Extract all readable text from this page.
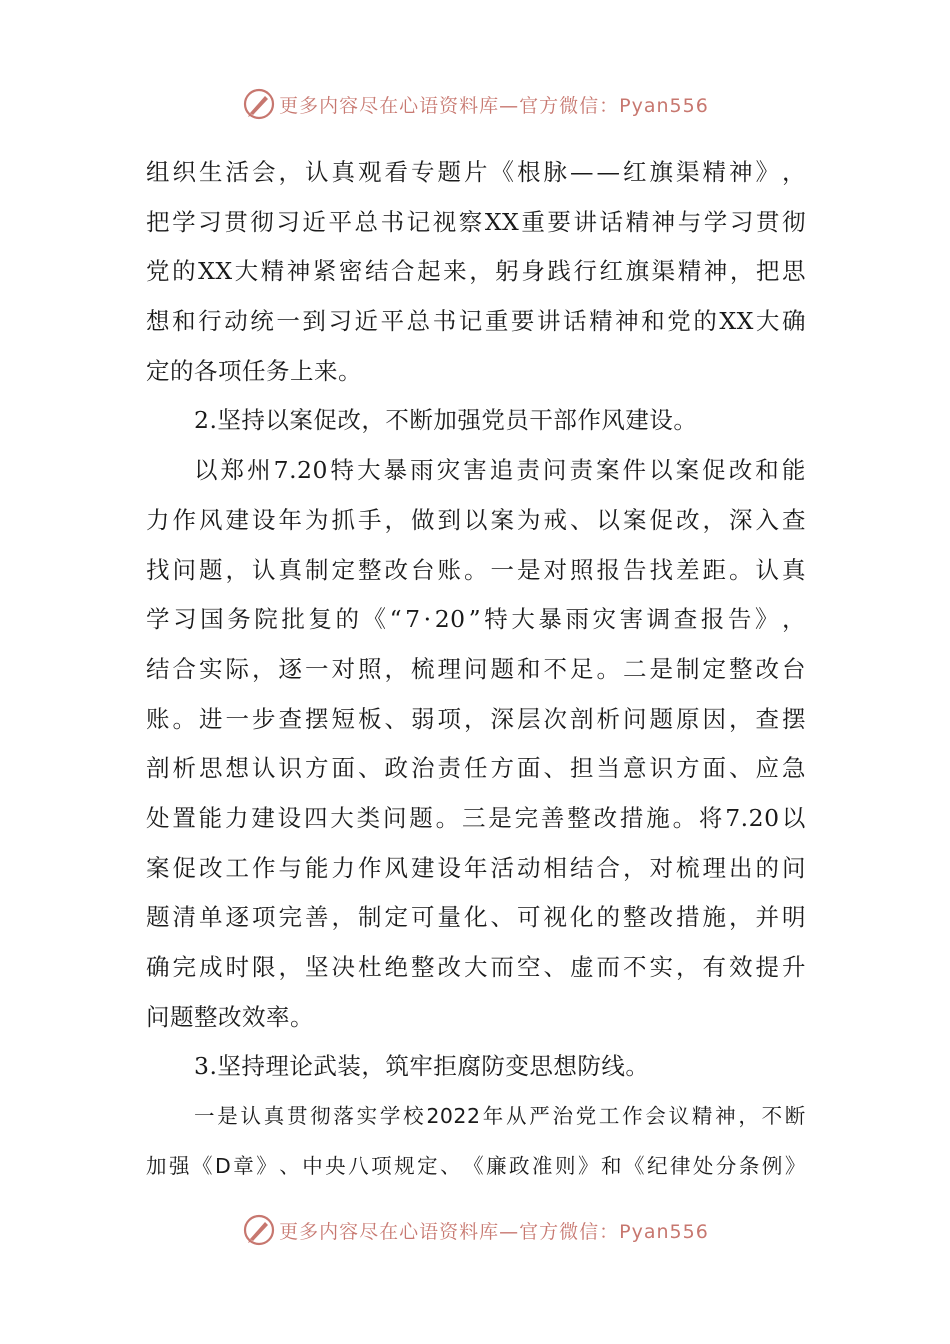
更多内容尽在心语资料库—官方微信：Pyan556
组 织 生 活 会 ， 认 真 观 看 专 题 片 《 根 脉 — — 红 旗 渠 精 神 》 ，
把 学 习 贯 彻 习 近 平 总 书 记 视 察 XX 重 要 讲 话 精 神 与 学 习 贯 彻
党 的 XX 大 精 神 紧 密 结 合 起 来 ， 躬 身 践 行 红 旗 渠 精 神 ， 把 思
想 和 行 动 统 一 到 习 近 平 总 书 记 重 要 讲 话 精 神 和 党 的 XX 大 确
定的各项任务上来。
2.坚持以案促改，不断加强党员干部作风建设。
以 郑 州 7.20 特 大 暴 雨 灾 害 追 责 问 责 案 件 以 案 促 改 和 能
力 作 风 建 设 年 为 抓 手 ， 做 到 以 案 为 戒 、 以 案 促 改 ， 深 入 查
找 问 题 ， 认 真 制 定 整 改 台 账 。 一 是 对 照 报 告 找 差 距 。 认 真
学 习 国 务 院 批 复 的 《 “ 7 · 20 ” 特 大 暴 雨 灾 害 调 查 报 告 》 ，
结 合 实 际 ， 逐 一 对 照 ， 梳 理 问 题 和 不 足 。 二 是 制 定 整 改 台
账 。 进 一 步 查 摆 短 板 、 弱 项 ， 深 层 次 剖 析 问 题 原 因 ， 查 摆
剖 析 思 想 认 识 方 面 、 政 治 责 任 方 面 、 担 当 意 识 方 面 、 应 急
处 置 能 力 建 设 四 大 类 问 题 。 三 是 完 善 整 改 措 施 。 将 7.20 以
案 促 改 工 作 与 能 力 作 风 建 设 年 活 动 相 结 合 ， 对 梳 理 出 的 问
题 清 单 逐 项 完 善 ， 制 定 可 量 化 、 可 视 化 的 整 改 措 施 ， 并 明
确 完 成 时 限 ， 坚 决 杜 绝 整 改 大 而 空 、 虚 而 不 实 ， 有 效 提 升
问题整改效率。
3.坚持理论武装，筑牢拒腐防变思想防线。
一 是 认 真 贯 彻 落 实 学 校 2022 年 从 严 治 党 工 作 会 议 精 神 ， 不 断
加 强 《 D 章 》 、 中 央 八 项 规 定 、 《 廉 政 准 则 》 和 《 纪 律 处 分 条 例 》
更多内容尽在心语资料库—官方微信：Pyan556
